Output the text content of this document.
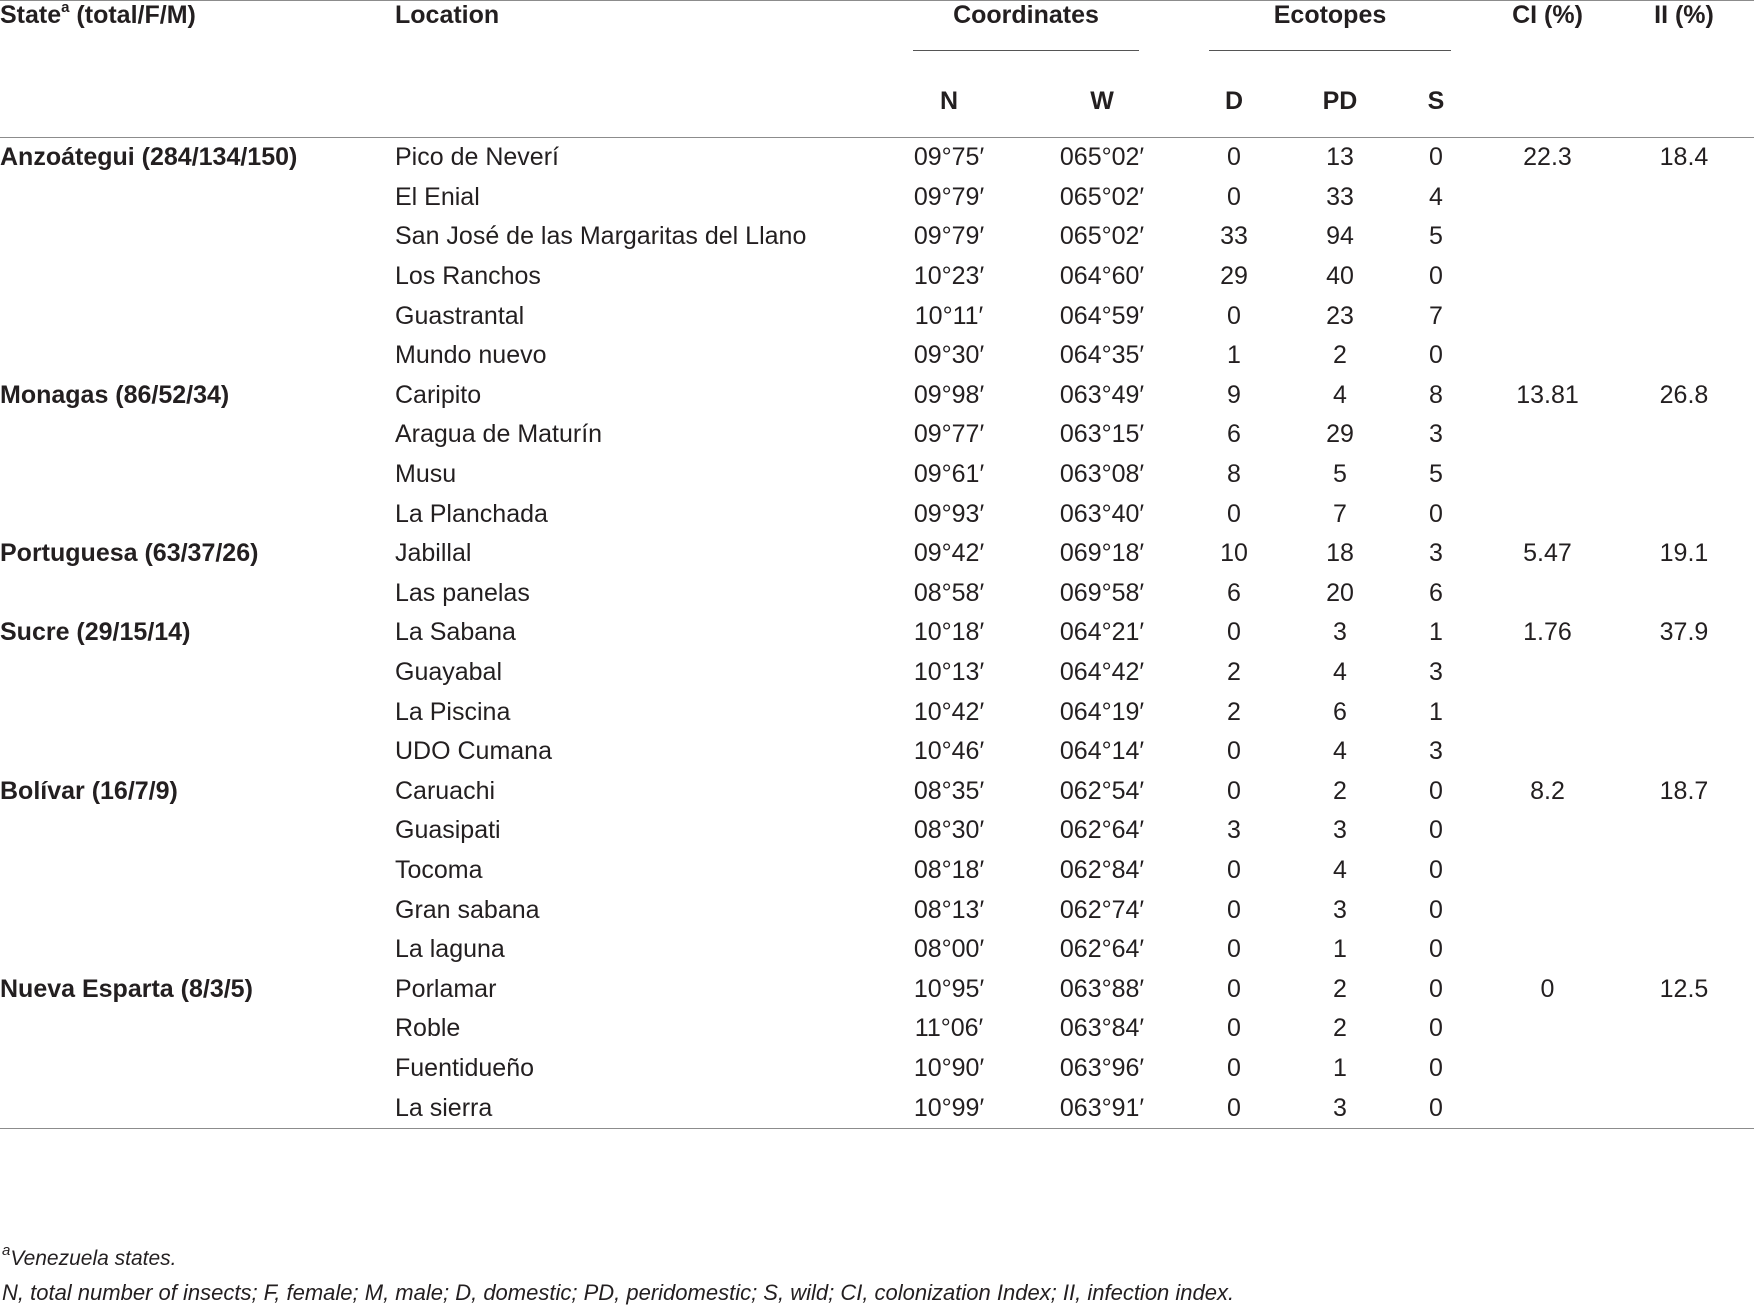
State$^a$ (total/F/M)	Location	Coordinates		Ecotopes			CI (%)	II (%)
		N	W	D	PD	S		

Anzoátegui (284/134/150)	Pico de Neverí	09°75′	065°02′	0	13	0	22.3	18.4
	El Enial	09°79′	065°02′	0	33	4		
	San José de las Margaritas del Llano	09°79′	065°02′	33	94	5		
	Los Ranchos	10°23′	064°60′	29	40	0		
	Guastrantal	10°11′	064°59′	0	23	7		
	Mundo nuevo	09°30′	064°35′	1	2	0		
Monagas (86/52/34)	Caripito	09°98′	063°49′	9	4	8	13.81	26.8
	Aragua de Maturín	09°77′	063°15′	6	29	3		
	Musu	09°61′	063°08′	8	5	5		
	La Planchada	09°93′	063°40′	0	7	0		
Portuguesa (63/37/26)	Jabillal	09°42′	069°18′	10	18	3	5.47	19.1
	Las panelas	08°58′	069°58′	6	20	6		
Sucre (29/15/14)	La Sabana	10°18′	064°21′	0	3	1	1.76	37.9
	Guayabal	10°13′	064°42′	2	4	3		
	La Piscina	10°42′	064°19′	2	6	1		
	UDO Cumana	10°46′	064°14′	0	4	3		
Bolívar (16/7/9)	Caruachi	08°35′	062°54′	0	2	0	8.2	18.7
	Guasipati	08°30′	062°64′	3	3	0		
	Tocoma	08°18′	062°84′	0	4	0		
	Gran sabana	08°13′	062°74′	0	3	0		
	La laguna	08°00′	062°64′	0	1	0		
Nueva Esparta (8/3/5)	Porlamar	10°95′	063°88′	0	2	0	0	12.5
	Roble	11°06′	063°84′	0	2	0		
	Fuentidueño	10°90′	063°96′	0	1	0		
	La sierra	10°99′	063°91′	0	3	0		

$^a$Venezuela states.
N, total number of insects; F, female; M, male; D, domestic; PD, peridomestic; S, wild; CI, colonization Index; II, infection index.
